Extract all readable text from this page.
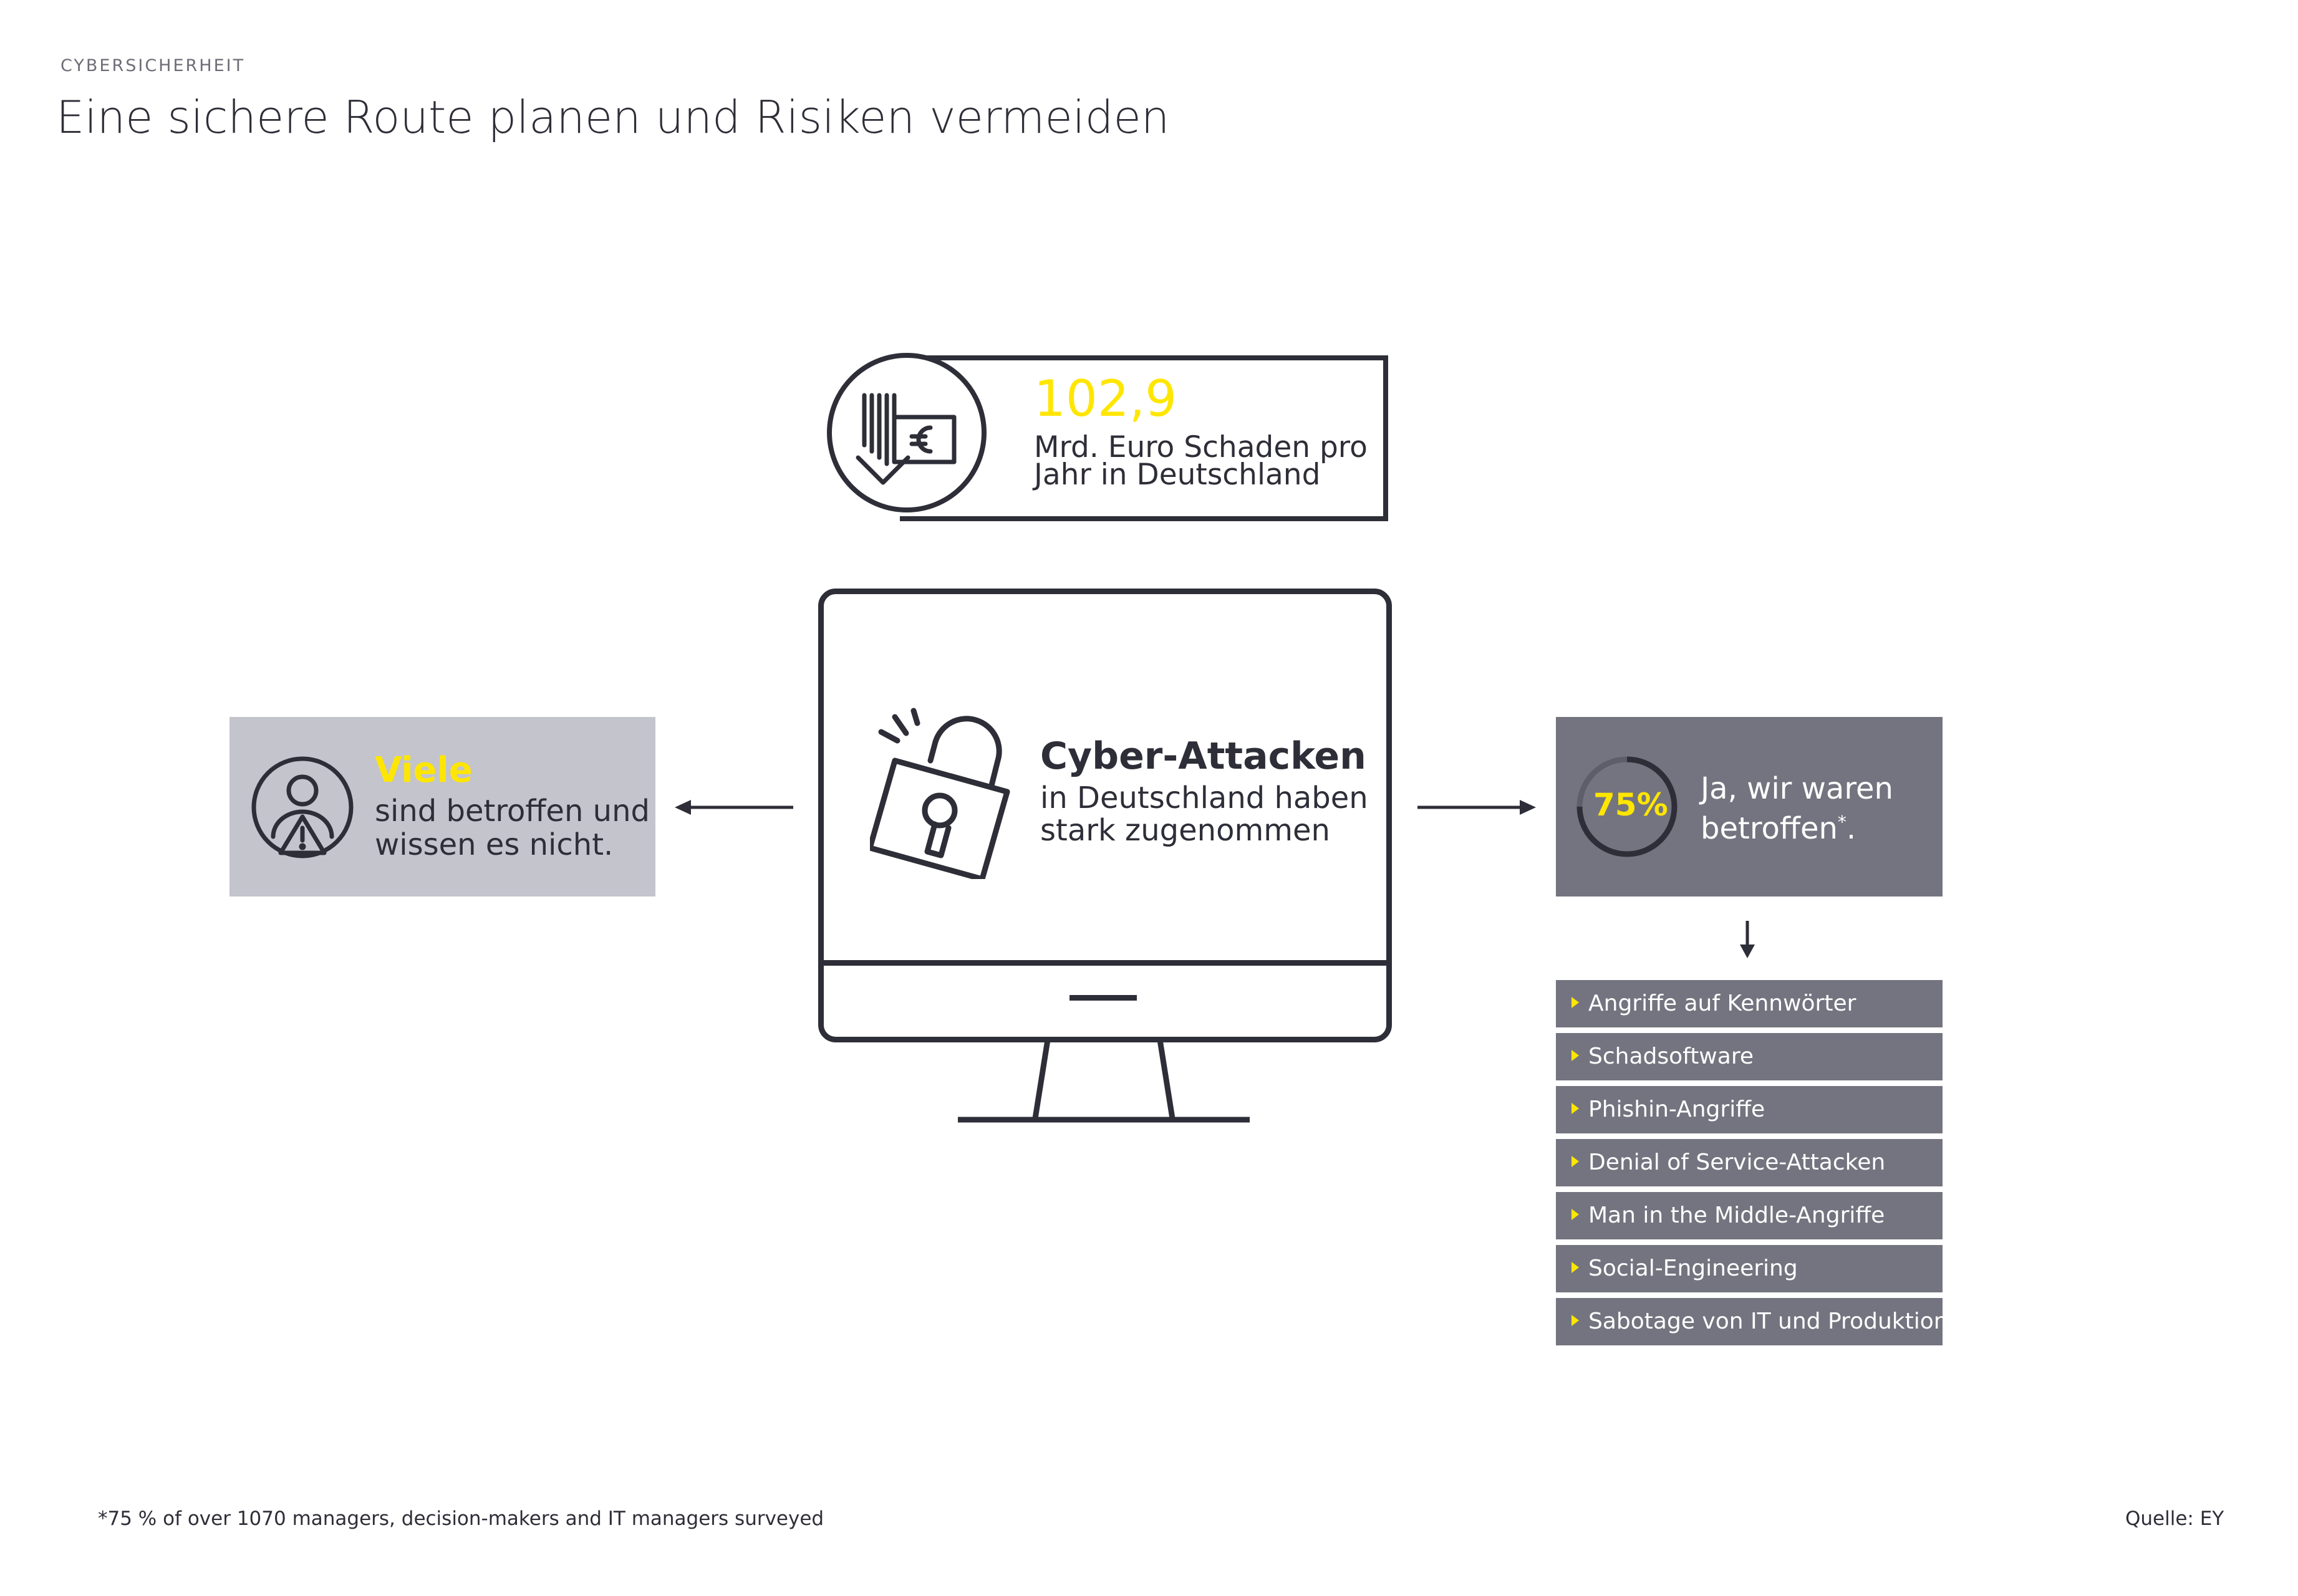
CYBERSICHERHEIT
Eine sichere Route planen und Risiken vermeiden
102,9
Mrd. Euro Schaden pro
Jahr in Deutschland
Cyber-Attacken
in Deutschland haben
stark zugenommen
Viele
sind betroffen und
wissen es nicht.
75% Ja, wir waren
betroffen*.
Angriffe auf Kennwörter
Schadsoftware
Phishin-Angriffe
Denial of Service-Attacken
Man in the Middle-Angriffe
Social-Engineering
Sabotage von IT und Produktion
*75 % of over 1070 managers, decision-makers and IT managers surveyed	Quelle: EY
